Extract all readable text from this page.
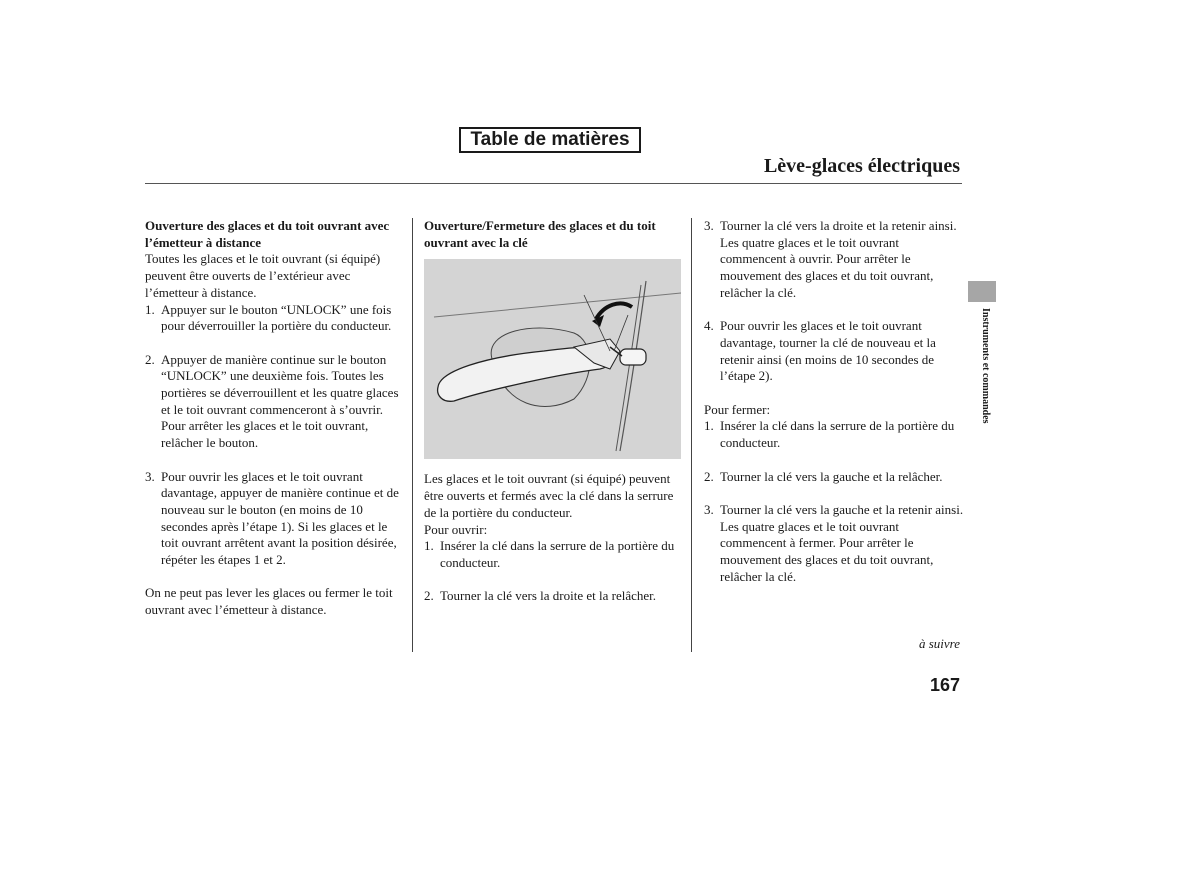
Table de matières
Lève-glaces électriques
Ouverture des glaces et du toit ouvrant avec l’émetteur à distance
Toutes les glaces et le toit ouvrant (si équipé) peuvent être ouverts de l’extérieur avec l’émetteur à distance.
1. Appuyer sur le bouton “UNLOCK” une fois pour déverrouiller la portière du conducteur.
2. Appuyer de manière continue sur le bouton “UNLOCK” une deuxième fois. Toutes les portières se déverrouillent et les quatre glaces et le toit ouvrant commenceront à s’ouvrir. Pour arrêter les glaces et le toit ouvrant, relâcher le bouton.
3. Pour ouvrir les glaces et le toit ouvrant davantage, appuyer de manière continue et de nouveau sur le bouton (en moins de 10 secondes après l’étape 1). Si les glaces et le toit ouvrant arrêtent avant la position désirée, répéter les étapes 1 et 2.
On ne peut pas lever les glaces ou fermer le toit ouvrant avec l’émetteur à distance.
Ouverture/Fermeture des glaces et du toit ouvrant avec la clé
Les glaces et le toit ouvrant (si équipé) peuvent être ouverts et fermés avec la clé dans la serrure de la portière du conducteur.
Pour ouvrir:
1. Insérer la clé dans la serrure de la portière du conducteur.
2. Tourner la clé vers la droite et la relâcher.
3. Tourner la clé vers la droite et la retenir ainsi. Les quatre glaces et le toit ouvrant commencent à ouvrir. Pour arrêter le mouvement des glaces et du toit ouvrant, relâcher la clé.
4. Pour ouvrir les glaces et le toit ouvrant davantage, tourner la clé de nouveau et la retenir ainsi (en moins de 10 secondes de l’étape 2).
Pour fermer:
1. Insérer la clé dans la serrure de la portière du conducteur.
2. Tourner la clé vers la gauche et la relâcher.
3. Tourner la clé vers la gauche et la retenir ainsi. Les quatre glaces et le toit ouvrant commencent à fermer. Pour arrêter le mouvement des glaces et du toit ouvrant, relâcher la clé.
Instruments et commandes
à suivre
167
